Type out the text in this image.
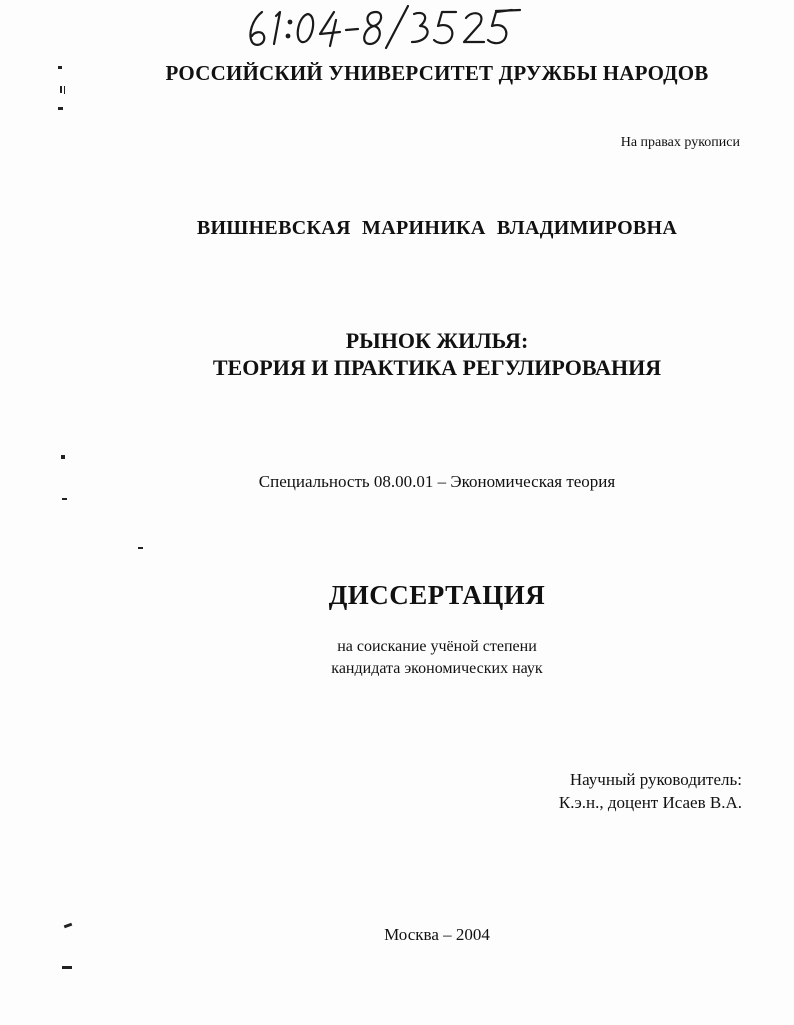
РОССИЙСКИЙ УНИВЕРСИТЕТ ДРУЖБЫ НАРОДОВ
На правах рукописи
ВИШНЕВСКАЯ МАРИНИКА ВЛАДИМИРОВНА
РЫНОК ЖИЛЬЯ:
ТЕОРИЯ И ПРАКТИКА РЕГУЛИРОВАНИЯ
Специальность 08.00.01 – Экономическая теория
ДИССЕРТАЦИЯ
на соискание учёной степени
кандидата экономических наук
Научный руководитель:
К.э.н., доцент Исаев В.А.
Москва – 2004
